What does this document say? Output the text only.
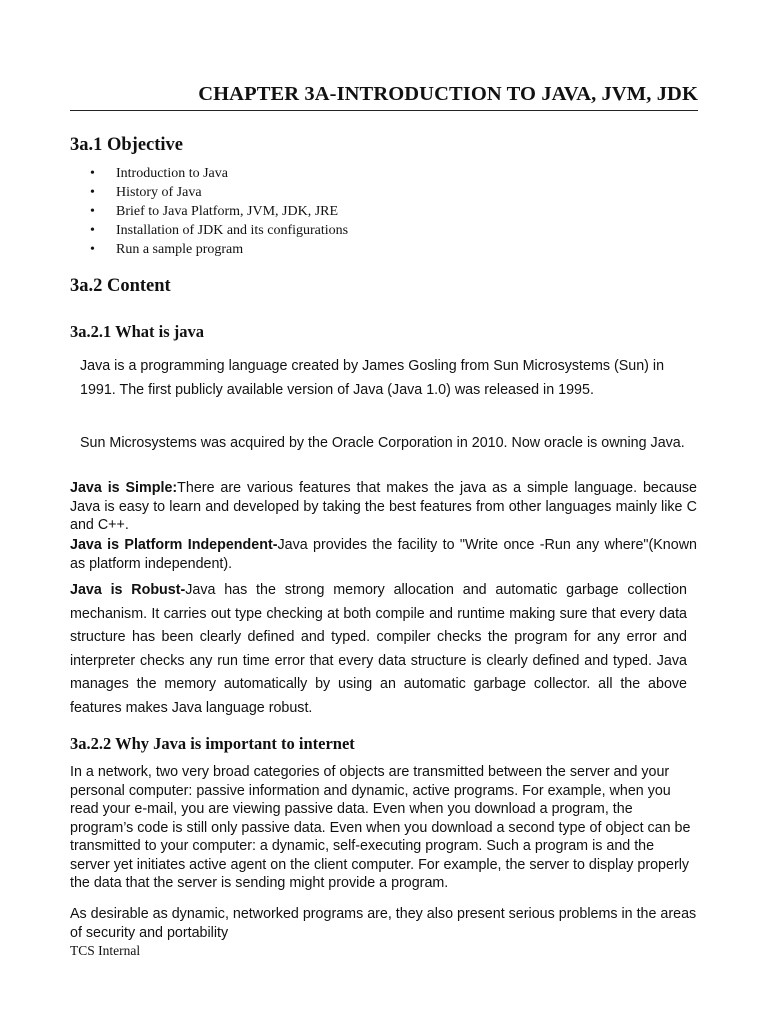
CHAPTER 3A-INTRODUCTION TO JAVA, JVM, JDK
3a.1 Objective
• Introduction to Java
• History of Java
• Brief to Java Platform, JVM, JDK, JRE
• Installation of JDK and its configurations
• Run a sample program
3a.2 Content
3a.2.1 What is java

Java is a programming language created by James Gosling from Sun Microsystems (Sun) in 1991. The first publicly available version of Java (Java 1.0) was released in 1995.

Sun Microsystems was acquired by the Oracle Corporation in 2010. Now oracle is owning Java.

Java is Simple:There are various features that makes the java as a simple language. because Java is easy to learn and developed by taking the best features from other languages mainly like C and C++.

Java is Platform Independent-Java provides the facility to "Write once -Run any where"(Known as platform independent).

Java is Robust-Java has the strong memory allocation and automatic garbage collection mechanism. It carries out type checking at both compile and runtime making sure that every data structure has been clearly defined and typed. compiler checks the program for any error and interpreter checks any run time error that every data structure is clearly defined and typed. Java manages the memory automatically by using an automatic garbage collector. all the above features makes Java language robust.

3a.2.2 Why Java is important to internet

In a network, two very broad categories of objects are transmitted between the server and your personal computer: passive information and dynamic, active programs. For example, when you read your e-mail, you are viewing passive data. Even when you download a program, the program’s code is still only passive data. Even when you download a second type of object can be transmitted to your computer: a dynamic, self-executing program. Such a program is and the server yet initiates active agent on the client computer. For example, the server to display properly the data that the server is sending might provide a program.

As desirable as dynamic, networked programs are, they also present serious problems in the areas of security and portability

TCS Internal
